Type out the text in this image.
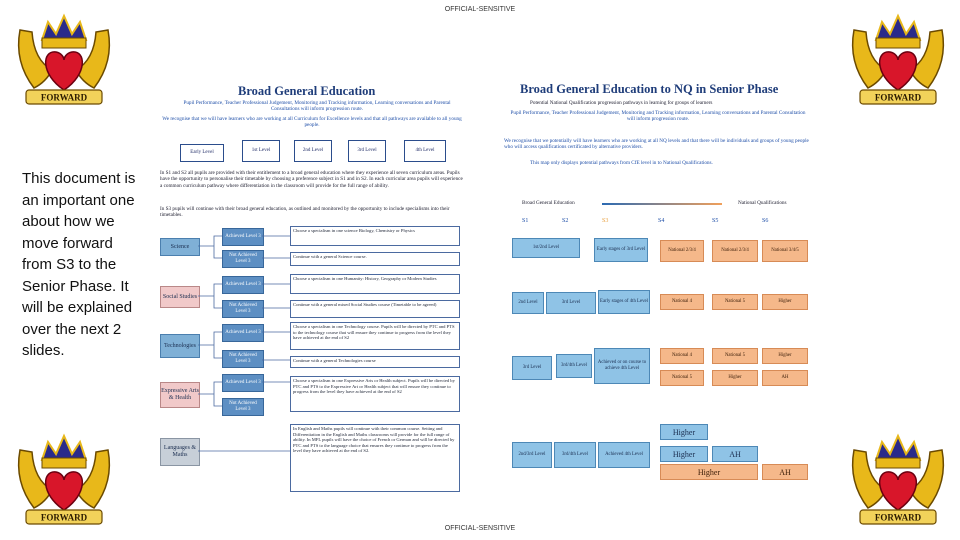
OFFICIAL-SENSITIVE
OFFICIAL-SENSITIVE
FORWARD	FORWARD
FORWARD	FORWARD
This document is an important one about how we move forward from S3 to the Senior Phase. It will be explained over the next 2 slides.
Broad General Education
Pupil Performance, Teacher Professional Judgement, Monitoring and Tracking information, Learning conversations and Parental Consultations will inform progression route.
We recognise that we will have learners who are working at all Curriculum for Excellence levels and that all pathways are available to all young people.
Early Level	1st Level	2nd Level	3rd Level	4th Level
In S1 and S2 all pupils are provided with their entitlement to a broad general education where they experience all seven curriculum areas. Pupils have the opportunity to personalise their timetable by choosing a preference subject in S1 and in S2. In each curricular area pupils will experience a common curriculum pathway where differentiation in the classroom will provide for the full range of ability.
In S3 pupils will continue with their broad general education, as outlined and monitored by the opportunity to include specialisms into their timetables.
Science
Social Studies
Technologies
Expressive Arts & Health
Languages & Maths
Achieved Level 3
Choose a specialism in one science Biology, Chemistry or Physics
Not Achieved Level 3
Continue with a general Science course.
Achieved Level 3
Choose a specialism in one Humanity: History, Geography or Modern Studies
Not Achieved Level 3
Continue with a general mixed Social Studies course (Timetable to be agreed)
Achieved Level 3
Choose a specialism in one Technology course. Pupils will be directed by PTC and PTS to the technology course that will ensure they continue to progress from the level they have achieved at the end of S2
Not Achieved Level 3	Continue with a general Technologies course
Achieved Level 3	Choose a specialism in one Expressive Arts or Health subject. Pupils will be directed by PTC and PTS to the Expressive Art or Health subject that will ensure they continue to progress from the level they have achieved at the end of S2
Not Achieved Level 3
In English and Maths pupils will continue with their common course. Setting and Differentiation in the English and Maths classrooms will provide for the full range of ability. In MFL pupils will have the choice of French or German and will be directed by PTC and PTS to the language choice that ensures they continue to progress from the level they have achieved at the end of S2.
Broad General Education to NQ in Senior Phase
Potential National Qualification progression pathways in learning for groups of learners
Pupil Performance, Teacher Professional Judgement, Monitoring and Tracking information, Learning conversations and Parental Consultation will inform progression route.
We recognise that we potentially will have learners who are working at all NQ levels and that there will be individuals and groups of young people who will access qualifications certificated by alternative providers.
This map only displays potential pathways from CfE level in to National Qualifications.
Broad General Education	National Qualifications
S1	S2	S3	S4	S5	S6
1st/2nd Level	Early stages of 3rd Level	National 2/3/4	National 2/3/4	National 3/4/5
2nd Level	3rd Level	Early stages of 4th Level	National 4	National 5	Higher
3rd Level	3rd/4th Level
Achieved or on course to achieve 4th Level
National 4	National 5	Higher
National 5	Higher	AH
Higher
2nd/3rd Level	3rd/4th Level	Achieved 4th Level	Higher	AH
Higher	AH
